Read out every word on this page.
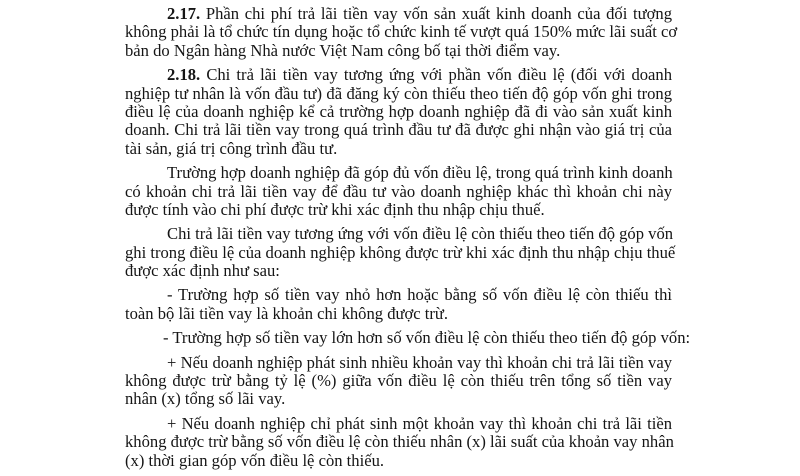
2.17. Phần chi phí trả lãi tiền vay vốn sản xuất kinh doanh của đối tượng
không phải là tổ chức tín dụng hoặc tổ chức kinh tế vượt quá 150% mức lãi suất cơ
bản do Ngân hàng Nhà nước Việt Nam công bố tại thời điểm vay.
2.18. Chi trả lãi tiền vay tương ứng với phần vốn điều lệ (đối với doanh
nghiệp tư nhân là vốn đầu tư) đã đăng ký còn thiếu theo tiến độ góp vốn ghi trong
điều lệ của doanh nghiệp kể cả trường hợp doanh nghiệp đã đi vào sản xuất kinh
doanh. Chi trả lãi tiền vay trong quá trình đầu tư đã được ghi nhận vào giá trị của
tài sản, giá trị công trình đầu tư.
Trường hợp doanh nghiệp đã góp đủ vốn điều lệ, trong quá trình kinh doanh
có khoản chi trả lãi tiền vay để đầu tư vào doanh nghiệp khác thì khoản chi này
được tính vào chi phí được trừ khi xác định thu nhập chịu thuế.
Chi trả lãi tiền vay tương ứng với vốn điều lệ còn thiếu theo tiến độ góp vốn
ghi trong điều lệ của doanh nghiệp không được trừ khi xác định thu nhập chịu thuế
được xác định như sau:
- Trường hợp số tiền vay nhỏ hơn hoặc bằng số vốn điều lệ còn thiếu thì
toàn bộ lãi tiền vay là khoản chi không được trừ.
- Trường hợp số tiền vay lớn hơn số vốn điều lệ còn thiếu theo tiến độ góp vốn:
+ Nếu doanh nghiệp phát sinh nhiều khoản vay thì khoản chi trả lãi tiền vay
không được trừ bằng tỷ lệ (%) giữa vốn điều lệ còn thiếu trên tổng số tiền vay
nhân (x) tổng số lãi vay.
+ Nếu doanh nghiệp chỉ phát sinh một khoản vay thì khoản chi trả lãi tiền
không được trừ bằng số vốn điều lệ còn thiếu nhân (x) lãi suất của khoản vay nhân
(x) thời gian góp vốn điều lệ còn thiếu.
